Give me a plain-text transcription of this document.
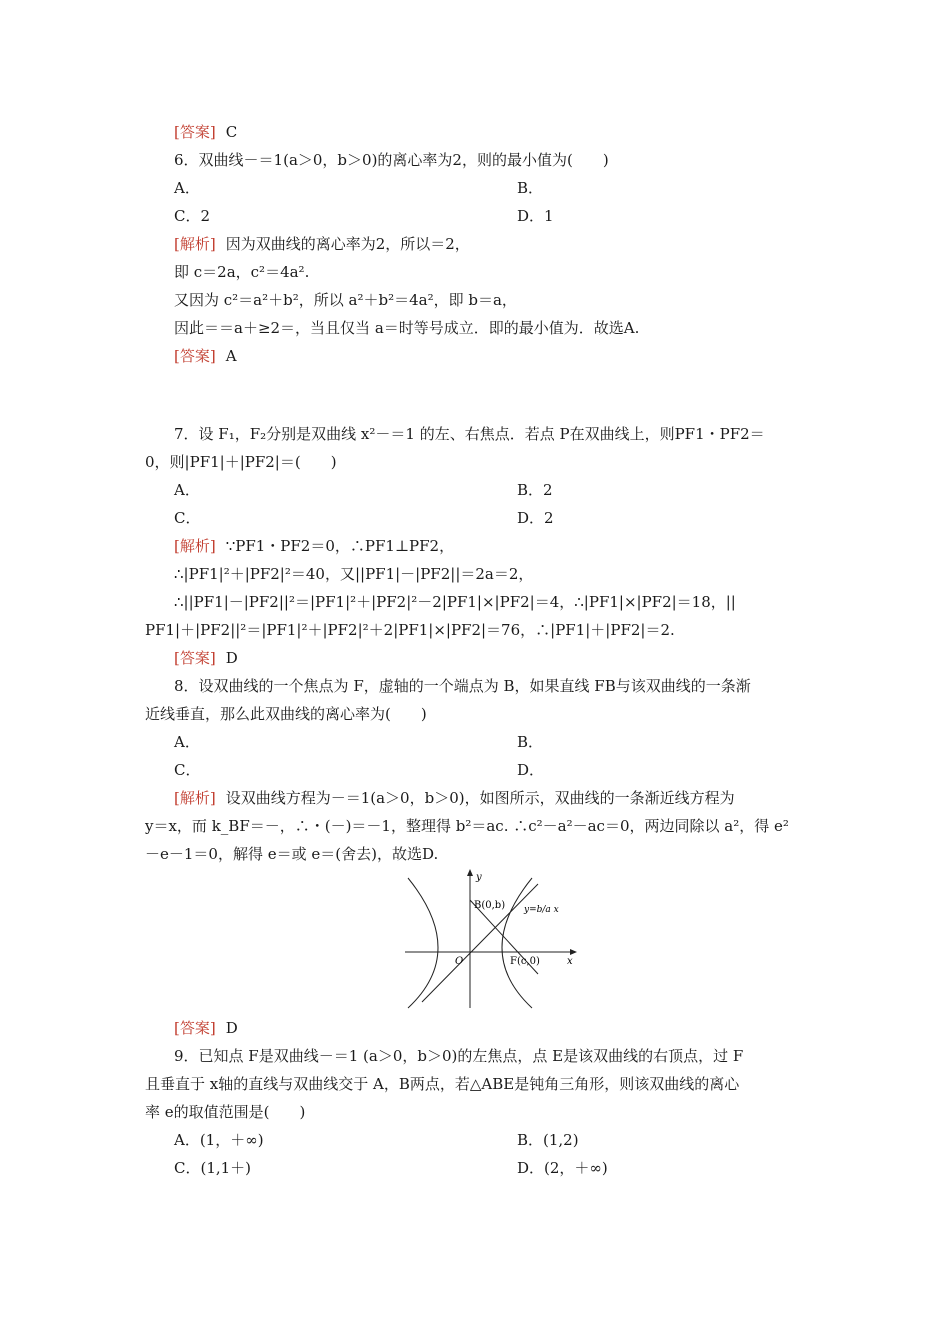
[答案] C
6．双曲线－＝1(a＞0，b＞0)的离心率为2，则的最小值为(　　)
A．	B．
C．2	D．1
[解析] 因为双曲线的离心率为2，所以＝2，
即 c＝2a，c²＝4a².
又因为 c²＝a²＋b²，所以 a²＋b²＝4a²，即 b＝a，
因此＝＝a＋≥2＝，当且仅当 a＝时等号成立．即的最小值为．故选A.
[答案] A
7．设 F₁，F₂分别是双曲线 x²－＝1 的左、右焦点．若点 P在双曲线上，则PF1・PF2＝
0，则|PF1|＋|PF2|＝(　　)
A．	B．2
C．	D．2
[解析] ∵PF1・PF2＝0，∴PF1⊥PF2，
∴|PF1|²＋|PF2|²＝40，又||PF1|－|PF2||＝2a＝2，
∴||PF1|－|PF2||²＝|PF1|²＋|PF2|²－2|PF1|×|PF2|＝4，∴|PF1|×|PF2|＝18，||
PF1|＋|PF2||²＝|PF1|²＋|PF2|²＋2|PF1|×|PF2|＝76，∴|PF1|＋|PF2|＝2.
[答案] D
8．设双曲线的一个焦点为 F，虚轴的一个端点为 B，如果直线 FB与该双曲线的一条渐
近线垂直，那么此双曲线的离心率为(　　)
A．	B．
C．	D．
[解析] 设双曲线方程为－＝1(a＞0，b＞0)，如图所示，双曲线的一条渐近线方程为
y＝x，而 k_BF＝－，∴・(－)＝－1，整理得 b²＝ac. ∴c²－a²－ac＝0，两边同除以 a²，得 e²
－e－1＝0，解得 e＝或 e＝(舍去)，故选D.
y
x
O
B(0,b)
F(c,0)
y=b/a x
[答案] D
9．已知点 F是双曲线－＝1 (a＞0，b＞0)的左焦点，点 E是该双曲线的右顶点，过 F
且垂直于 x轴的直线与双曲线交于 A，B两点，若△ABE是钝角三角形，则该双曲线的离心
率 e的取值范围是(　　)
A．(1，＋∞)	B．(1,2)
C．(1,1＋)	D．(2，＋∞)
